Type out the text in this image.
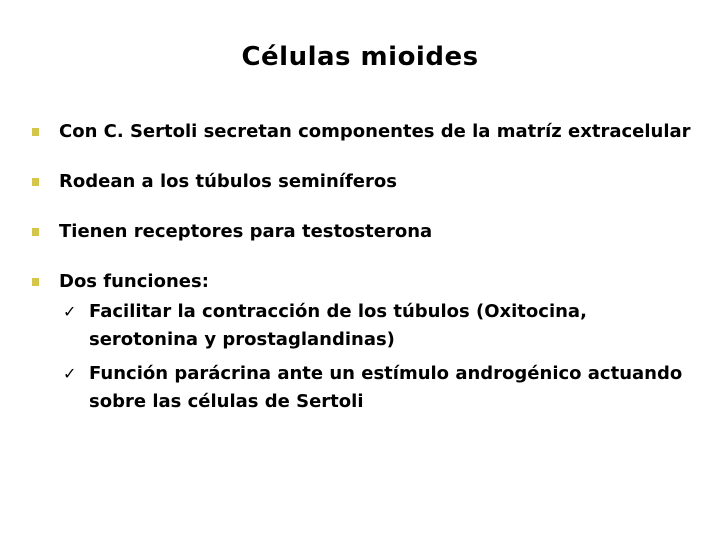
Células mioides
Con C. Sertoli secretan componentes de la matríz extracelular
Rodean a los túbulos seminíferos
Tienen receptores para testosterona
Dos funciones:
✓ Facilitar la contracción de los túbulos (Oxitocina, serotonina y prostaglandinas)
✓ Función parácrina ante un estímulo androgénico actuando sobre las células de Sertoli
